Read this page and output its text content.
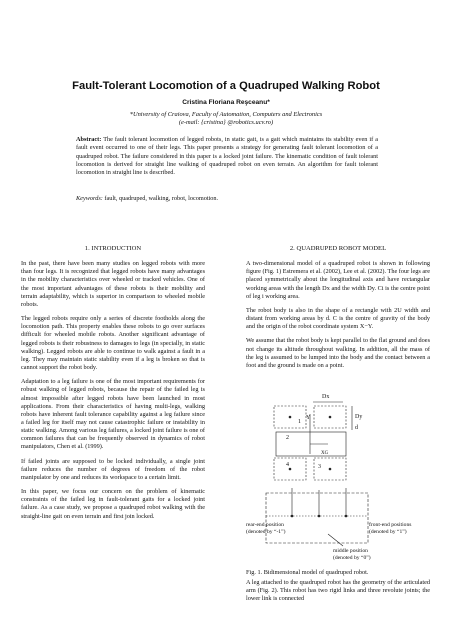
Fault-Tolerant Locomotion of a Quadruped Walking Robot
Cristina Floriana Reşceanu*
*University of Craiova, Faculty of Automation, Computers and Electronics
(e-mail: {cristina} @robotics.ucv.ro)

Abstract: The fault tolerant locomotion of legged robots, in static gait, is a gait which maintains its stability even if a fault event occurred to one of their legs. This paper presents a strategy for generating fault tolerant locomotion of a quadruped robot. The failure considered in this paper is a locked joint failure. The kinematic condition of fault tolerant locomotion is derived for straight line walking of quadruped robot on even terrain. An algorithm for fault tolerant locomotion in straight line is described.

Keywords: fault, quadruped, walking, robot, locomotion.

1. INTRODUCTION

In the past, there have been many studies on legged robots with more than four legs. It is recognized that legged robots have many advantages in the mobility characteristics over wheeled or tracked vehicles. One of the most important advantages of these robots is their mobility and terrain adaptability, which is superior in comparison to wheeled mobile robots.

The legged robots require only a series of discrete footholds along the locomotion path. This property enables these robots to go over surfaces difficult for wheeled mobile robots. Another significant advantage of legged robots is their robustness to damages to legs (in specially, in static walking). Legged robots are able to continue to walk against a fault in a leg. They may maintain static stability even if a leg is broken so that is cannot support the robot body.

Adaptation to a leg failure is one of the most important requirements for robust walking of legged robots, because the repair of the failed leg is almost impossible after legged robots have been launched in most applications. From their characteristics of having multi-legs, walking robots have inherent fault tolerance capability against a leg failure since a failed leg for itself may not cause catastrophic failure or instability in static walking. Among various leg failures, a locked joint failure is one of common failures that can be frequently observed in dynamics of robot manipulators, Chen et al. (1999).

If failed joints are supposed to be locked individually, a single joint failure reduces the number of degrees of freedom of the robot manipulator by one and reduces its workspace to a certain limit.

In this paper, we focus our concern on the problem of kinematic constraints of the failed leg in fault-tolerant gaits for a locked joint failure. As a case study, we propose a quadruped robot walking with the straight-line gait on even terrain and first join locked.

2. QUADRUPED ROBOT MODEL

A two-dimensional model of a quadruped robot is shown in following figure (Fig. 1) Estremera et al. (2002), Lee et al. (2002). The four legs are placed symmetrically about the longitudinal axis and have rectangular working areas with the length Dx and the width Dy. Ci is the centre point of leg i working area.

The robot body is also in the shape of a rectangle with 2U width and distant from working areas by d. C is the centre of gravity of the body and the origin of the robot coordinate system X−Y.

We assume that the robot body is kept parallel to the flat ground and does not change its altitude throughout walking. In addition, all the mass of the leg is assumed to be lumped into the body and the contact between a foot and the ground is made on a point.

Dx
Dy
d
Y
XG
1
2
3
4
rear-end position
(denoted by “-1”)
front-end positions
(denoted by “1”)
middle position
(denoted by “0”)
Fig. 1. Bidimensional model of quadruped robot.

A leg attached to the quadruped robot has the geometry of the articulated arm (Fig. 2). This robot has two rigid links and three revolute joints; the lower link is connected
